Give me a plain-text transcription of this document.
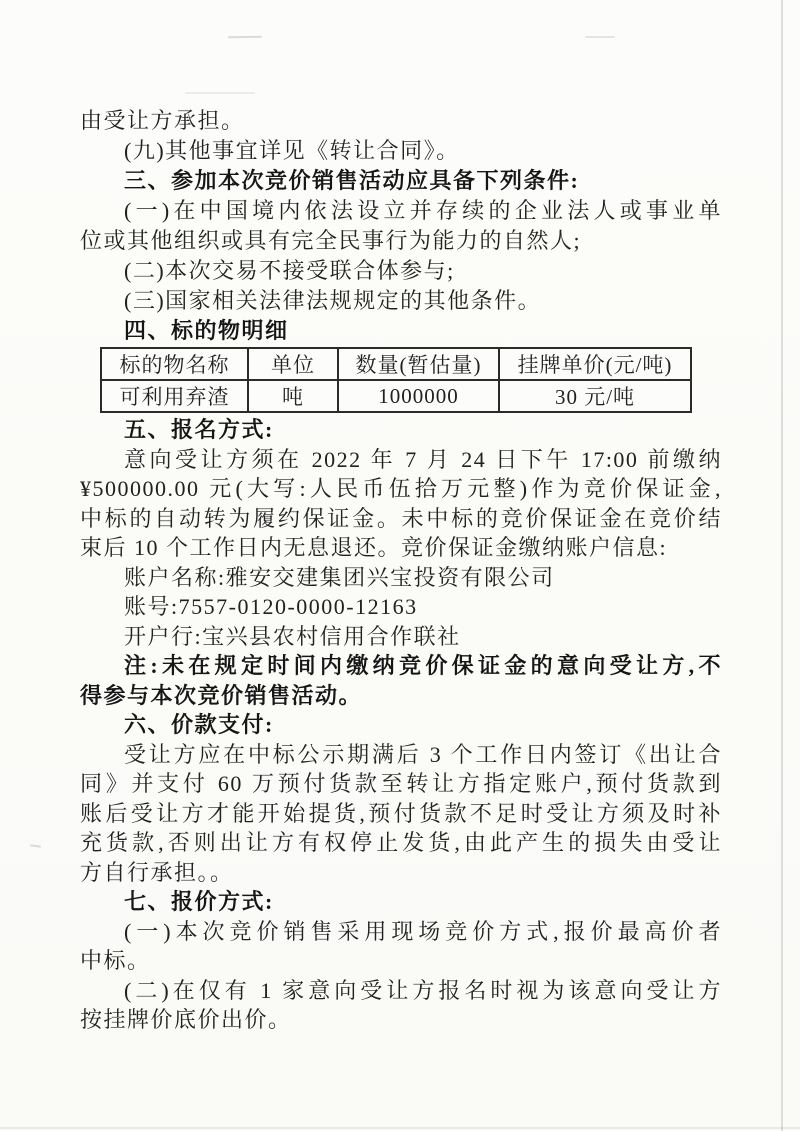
由受让方承担。
(九)其他事宜详见《转让合同》。
三、参加本次竞价销售活动应具备下列条件:
(一)在中国境内依法设立并存续的企业法人或事业单
位或其他组织或具有完全民事行为能力的自然人;
(二)本次交易不接受联合体参与;
(三)国家相关法律法规规定的其他条件。
四、标的物明细
标的物名称	单位	数量(暂估量)	挂牌单价(元/吨)
可利用弃渣	吨	1000000	30 元/吨
五、报名方式:
意向受让方须在 2022 年 7 月 24 日下午 17:00 前缴纳
¥500000.00 元(大写:人民币伍拾万元整)作为竞价保证金,
中标的自动转为履约保证金。未中标的竞价保证金在竞价结
束后 10 个工作日内无息退还。竞价保证金缴纳账户信息:
账户名称:雅安交建集团兴宝投资有限公司
账号:7557-0120-0000-12163
开户行:宝兴县农村信用合作联社
注:未在规定时间内缴纳竞价保证金的意向受让方,不
得参与本次竞价销售活动。
六、价款支付:
受让方应在中标公示期满后 3 个工作日内签订《出让合
同》并支付 60 万预付货款至转让方指定账户,预付货款到
账后受让方才能开始提货,预付货款不足时受让方须及时补
充货款,否则出让方有权停止发货,由此产生的损失由受让
方自行承担。。
七、报价方式:
(一)本次竞价销售采用现场竞价方式,报价最高价者
中标。
(二)在仅有 1 家意向受让方报名时视为该意向受让方
按挂牌价底价出价。
